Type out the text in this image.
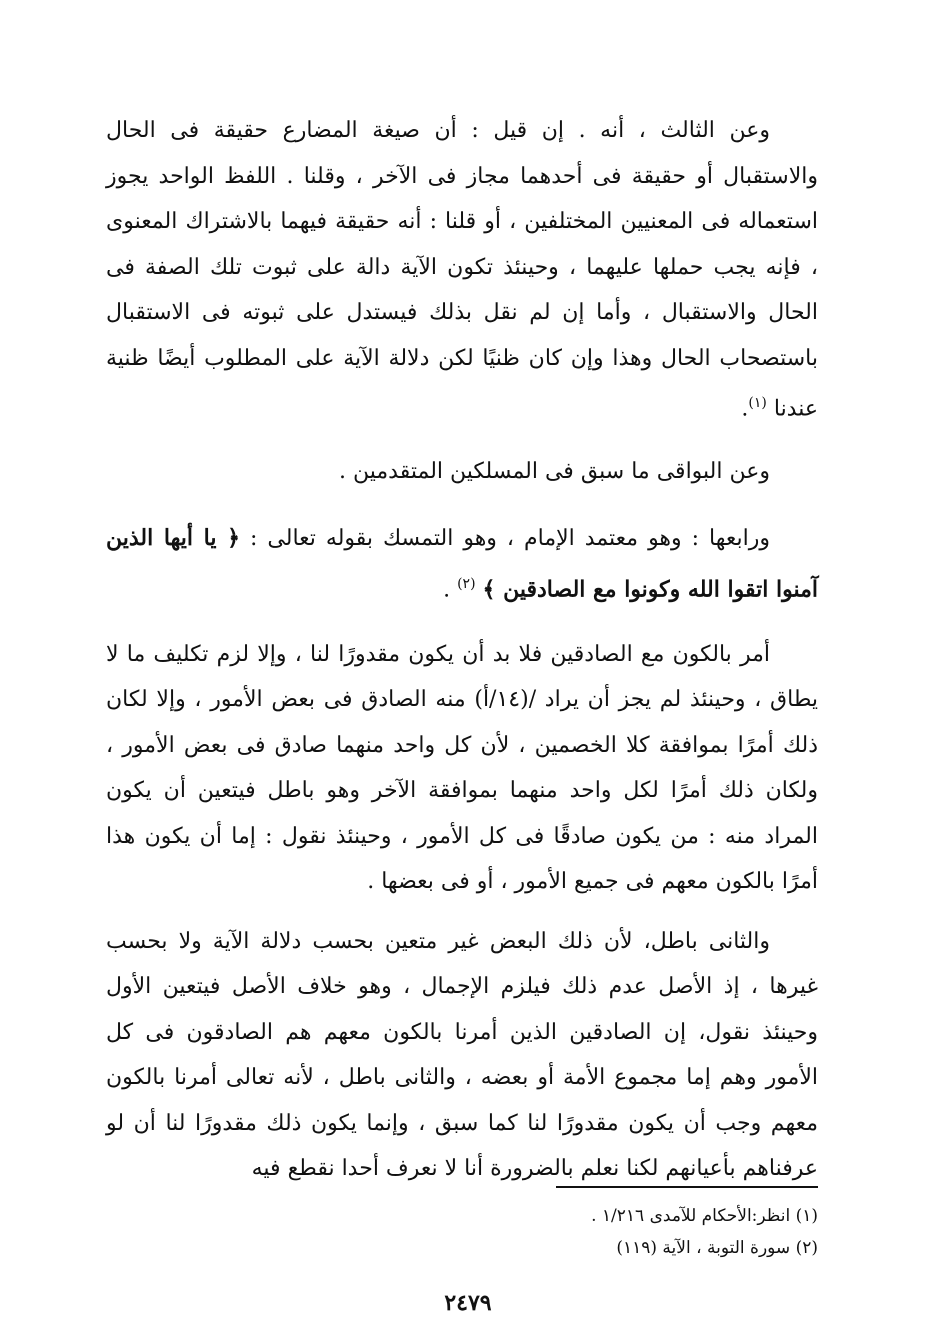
وعن الثالث ، أنه . إن قيل : أن صيغة المضارع حقيقة فى الحال والاستقبال أو حقيقة فى أحدهما مجاز فى الآخر ، وقلنا . اللفظ الواحد يجوز استعماله فى المعنيين المختلفين ، أو قلنا : أنه حقيقة فيهما بالاشتراك المعنوى ، فإنه يجب حملها عليهما ، وحينئذ تكون الآية دالة على ثبوت تلك الصفة فى الحال والاستقبال ، وأما إن لم نقل بذلك فيستدل على ثبوته فى الاستقبال باستصحاب الحال وهذا وإن كان ظنيًا لكن دلالة الآية على المطلوب أيضًا ظنية عندنا $^{(١)}$.

وعن البواقى ما سبق فى المسلكين المتقدمين .

ورابعها : وهو معتمد الإمام ، وهو التمسك بقوله تعالى : ﴿ يا أيها الذين آمنوا اتقوا الله وكونوا مع الصادقين ﴾ $^{(٢)}$ .

أمر بالكون مع الصادقين فلا بد أن يكون مقدورًا لنا ، وإلا لزم تكليف ما لا يطاق ، وحينئذ لم يجز أن يراد /(١٤/أ) منه الصادق فى بعض الأمور ، وإلا لكان ذلك أمرًا بموافقة كلا الخصمين ، لأن كل واحد منهما صادق فى بعض الأمور ، ولكان ذلك أمرًا لكل واحد منهما بموافقة الآخر وهو باطل فيتعين أن يكون المراد منه : من يكون صادقًا فى كل الأمور ، وحينئذ نقول : إما أن يكون هذا أمرًا بالكون معهم فى جميع الأمور ، أو فى بعضها .

والثانى باطل، لأن ذلك البعض غير متعين بحسب دلالة الآية ولا بحسب غيرها ، إذ الأصل عدم ذلك فيلزم الإجمال ، وهو خلاف الأصل فيتعين الأول وحينئذ نقول، إن الصادقين الذين أمرنا بالكون معهم هم الصادقون فى كل الأمور وهم إما مجموع الأمة أو بعضه ، والثانى باطل ، لأنه تعالى أمرنا بالكون معهم وجب أن يكون مقدورًا لنا كما سبق ، وإنما يكون ذلك مقدورًا لنا أن لو عرفناهم بأعيانهم لكنا نعلم بالضرورة أنا لا نعرف أحدا نقطع فيه

(١) انظر:الأحكام للآمدى ١/٢١٦ .

(٢) سورة التوبة ، الآية (١١٩)

٢٤٧٩
